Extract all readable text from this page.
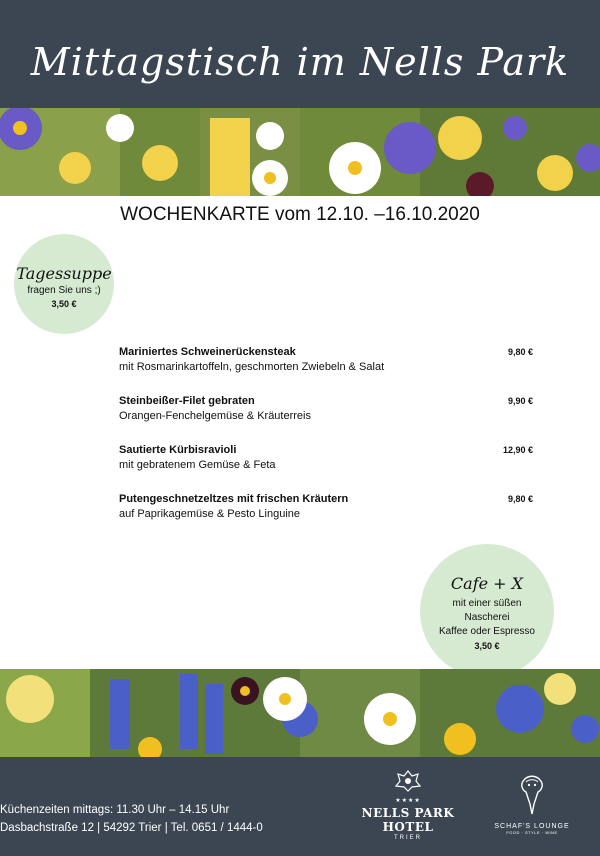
Mittagstisch im Nells Park
WOCHENKARTE vom 12.10. –16.10.2020
Tagessuppe
fragen Sie uns ;)
3,50 €
Mariniertes Schweinerückensteak
mit Rosmarinkartoffeln, geschmorten Zwiebeln & Salat
9,80 €
Steinbeißer-Filet gebraten
Orangen-Fenchelgemüse & Kräuterreis
9,90 €
Sautierte Kürbisravioli
mit gebratenem Gemüse & Feta
12,90 €
Putengeschnetzeltzes mit frischen Kräutern
auf Paprikagemüse & Pesto Linguine
9,80 €
Cafe + X
mit einer süßen
Nascherei
Kaffee oder Espresso
3,50 €
Küchenzeiten mittags: 11.30 Uhr – 14.15 Uhr
Dasbachstraße 12 | 54292 Trier | Tel. 0651 / 1444-0
★★★★
NELLS PARK HOTEL
TRIER
SCHAF'S LOUNGE
FOOD · STYLE · WINE
